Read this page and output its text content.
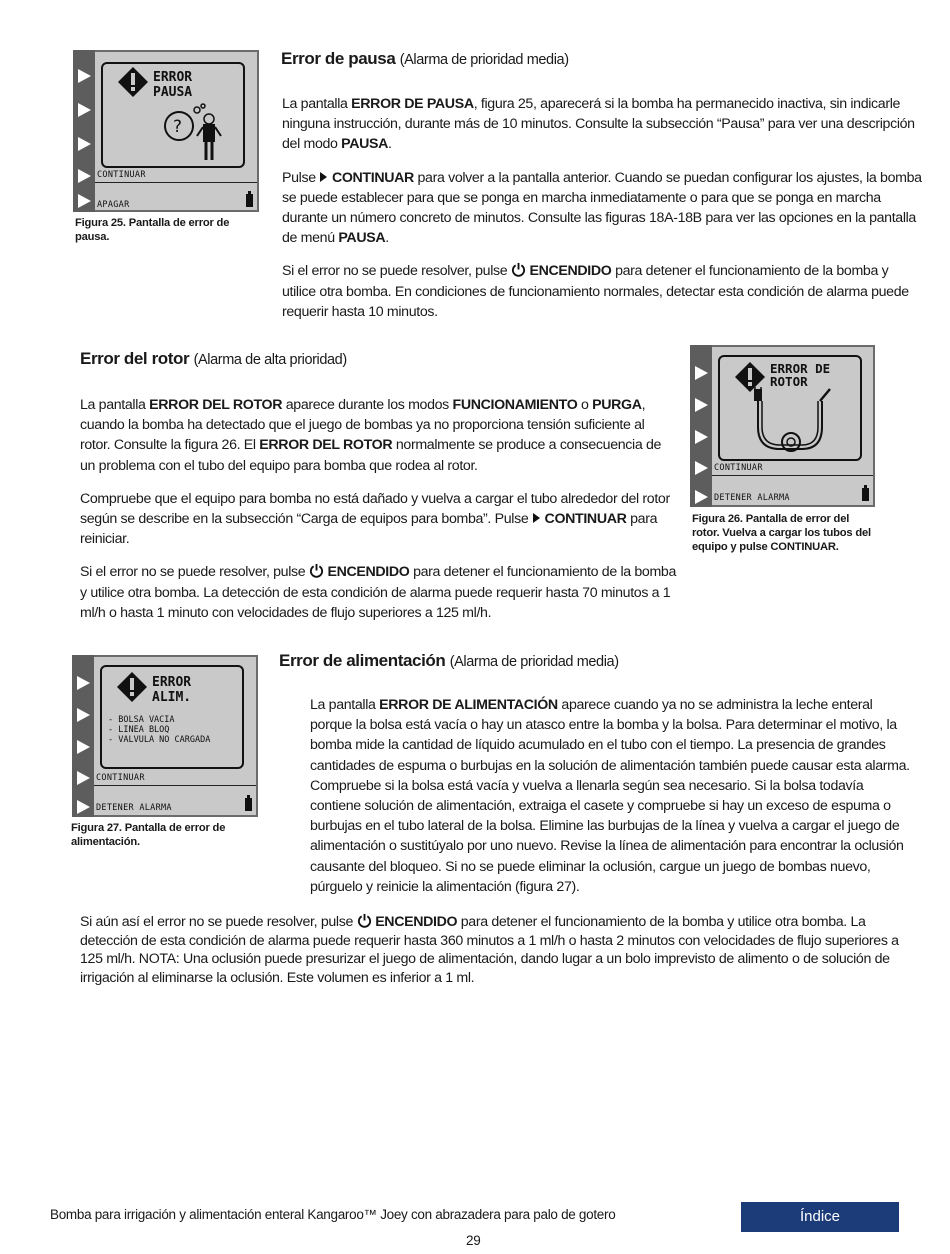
ERROR
PAUSA
?
CONTINUAR
APAGAR
Figura 25. Pantalla de error de pausa.
Error de pausa (Alarma de prioridad media)

La pantalla ERROR DE PAUSA, figura 25, aparecerá si la bomba ha permanecido inactiva, sin indicarle ninguna instrucción, durante más de 10 minutos. Consulte la subsección “Pausa” para ver una descripción del modo PAUSA.

Pulse  CONTINUAR para volver a la pantalla anterior. Cuando se puedan configurar los ajustes, la bomba se puede establecer para que se ponga en marcha inmediatamente o para que se ponga en marcha durante un número concreto de minutos. Consulte las figuras 18A-18B para ver las opciones en la pantalla de menú PAUSA.

Si el error no se puede resolver, pulse  ENCENDIDO para detener el funcionamiento de la bomba y utilice otra bomba. En condiciones de funcionamiento normales, detectar esta condición de alarma puede requerir hasta 10 minutos.

Error del rotor (Alarma de alta prioridad)

La pantalla ERROR DEL ROTOR aparece durante los modos FUNCIONAMIENTO o PURGA, cuando la bomba ha detectado que el juego de bombas ya no proporciona tensión suficiente al rotor. Consulte la figura 26. El ERROR DEL ROTOR normalmente se produce a consecuencia de un problema con el tubo del equipo para bomba que rodea al rotor.

Compruebe que el equipo para bomba no está dañado y vuelva a cargar el tubo alrededor del rotor según se describe en la subsección “Carga de equipos para bomba”. Pulse  CONTINUAR para reiniciar.

Si el error no se puede resolver, pulse  ENCENDIDO para detener el funcionamiento de la bomba y utilice otra bomba. La detección de esta condición de alarma puede requerir hasta 70 minutos a 1 ml/h o hasta 1 minuto con velocidades de flujo superiores a 125 ml/h.

ERROR DE
ROTOR
CONTINUAR
DETENER ALARMA
Figura 26. Pantalla de error del rotor. Vuelva a cargar los tubos del equipo y pulse CONTINUAR.
ERROR
ALIM.
- BOLSA VACIA
- LINEA BLOQ
- VALVULA NO CARGADA
CONTINUAR
DETENER ALARMA
Figura 27. Pantalla de error de alimentación.
Error de alimentación (Alarma de prioridad media)

La pantalla ERROR DE ALIMENTACIÓN aparece cuando ya no se administra la leche enteral porque la bolsa está vacía o hay un atasco entre la bomba y la bolsa. Para determinar el motivo, la bomba mide la cantidad de líquido acumulado en el tubo con el tiempo. La presencia de grandes cantidades de espuma o burbujas en la solución de alimentación también puede causar esta alarma. Compruebe si la bolsa está vacía y vuelva a llenarla según sea necesario. Si la bolsa todavía contiene solución de alimentación, extraiga el casete y compruebe si hay un exceso de espuma o burbujas en el tubo lateral de la bolsa. Elimine las burbujas de la línea y vuelva a cargar el juego de alimentación o sustitúyalo por uno nuevo. Revise la línea de alimentación para encontrar la oclusión causante del bloqueo. Si no se puede eliminar la oclusión, cargue un juego de bombas nuevo, púrguelo y reinicie la alimentación (figura 27).

Si aún así el error no se puede resolver, pulse  ENCENDIDO para detener el funcionamiento de la bomba y utilice otra bomba. La detección de esta condición de alarma puede requerir hasta 360 minutos a 1 ml/h o hasta 2 minutos con velocidades de flujo superiores a 125 ml/h. NOTA: Una oclusión puede presurizar el juego de alimentación, dando lugar a un bolo imprevisto de alimento o de solución de irrigación al eliminarse la oclusión. Este volumen es inferior a 1 ml.

Bomba para irrigación y alimentación enteral Kangaroo™ Joey con abrazadera para palo de gotero	Índice
29
